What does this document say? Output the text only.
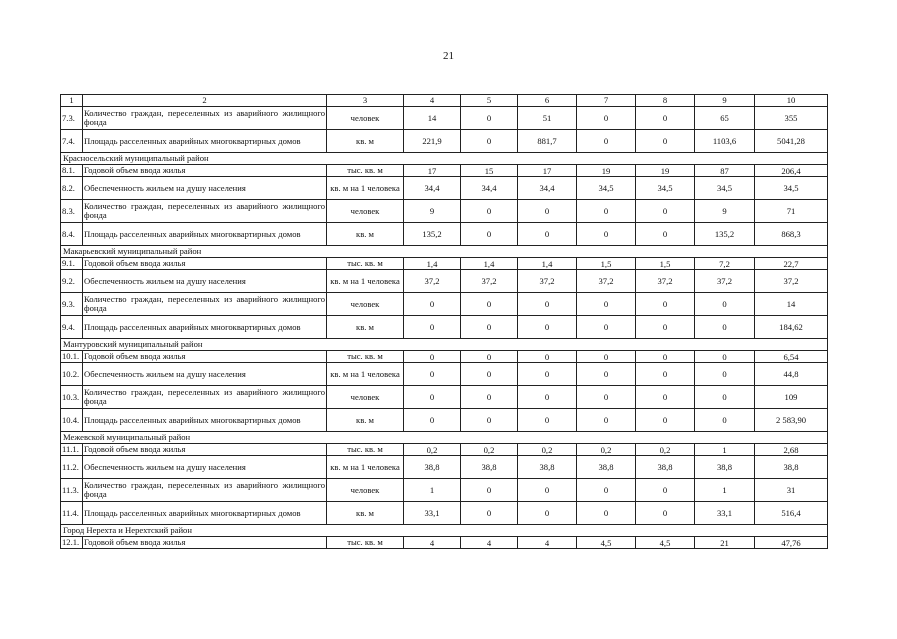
21
1	2	3	4	5	6	7	8	9	10
7.3.	Количество граждан, переселенных из аварийного жилищного фонда	человек	14	0	51	0	0	65	355
7.4.	Площадь расселенных аварийных многоквартирных домов	кв. м	221,9	0	881,7	0	0	1103,6	5041,28
Красносельский муниципальный район									
8.1.	Годовой объем ввода жилья	тыс. кв. м	17	15	17	19	19	87	206,4
8.2.	Обеспеченность жильем на душу населения	кв. м на 1 человека	34,4	34,4	34,4	34,5	34,5	34,5	34,5
8.3.	Количество граждан, переселенных из аварийного жилищного фонда	человек	9	0	0	0	0	9	71
8.4.	Площадь расселенных аварийных многоквартирных домов	кв. м	135,2	0	0	0	0	135,2	868,3
Макарьевский муниципальный район									
9.1.	Годовой объем ввода жилья	тыс. кв. м	1,4	1,4	1,4	1,5	1,5	7,2	22,7
9.2.	Обеспеченность жильем на душу населения	кв. м на 1 человека	37,2	37,2	37,2	37,2	37,2	37,2	37,2
9.3.	Количество граждан, переселенных из аварийного жилищного фонда	человек	0	0	0	0	0	0	14
9.4.	Площадь расселенных аварийных многоквартирных домов	кв. м	0	0	0	0	0	0	184,62
Мантуровский муниципальный район									
10.1.	Годовой объем ввода жилья	тыс. кв. м	0	0	0	0	0	0	6,54
10.2.	Обеспеченность жильем на душу населения	кв. м на 1 человека	0	0	0	0	0	0	44,8
10.3.	Количество граждан, переселенных из аварийного жилищного фонда	человек	0	0	0	0	0	0	109
10.4.	Площадь расселенных аварийных многоквартирных домов	кв. м	0	0	0	0	0	0	2 583,90
Межевской муниципальный район									
11.1.	Годовой объем ввода жилья	тыс. кв. м	0,2	0,2	0,2	0,2	0,2	1	2,68
11.2.	Обеспеченность жильем на душу населения	кв. м на 1 человека	38,8	38,8	38,8	38,8	38,8	38,8	38,8
11.3.	Количество граждан, переселенных из аварийного жилищного фонда	человек	1	0	0	0	0	1	31
11.4.	Площадь расселенных аварийных многоквартирных домов	кв. м	33,1	0	0	0	0	33,1	516,4
Город Нерехта и Нерехтский район									
12.1.	Годовой объем ввода жилья	тыс. кв. м	4	4	4	4,5	4,5	21	47,76
